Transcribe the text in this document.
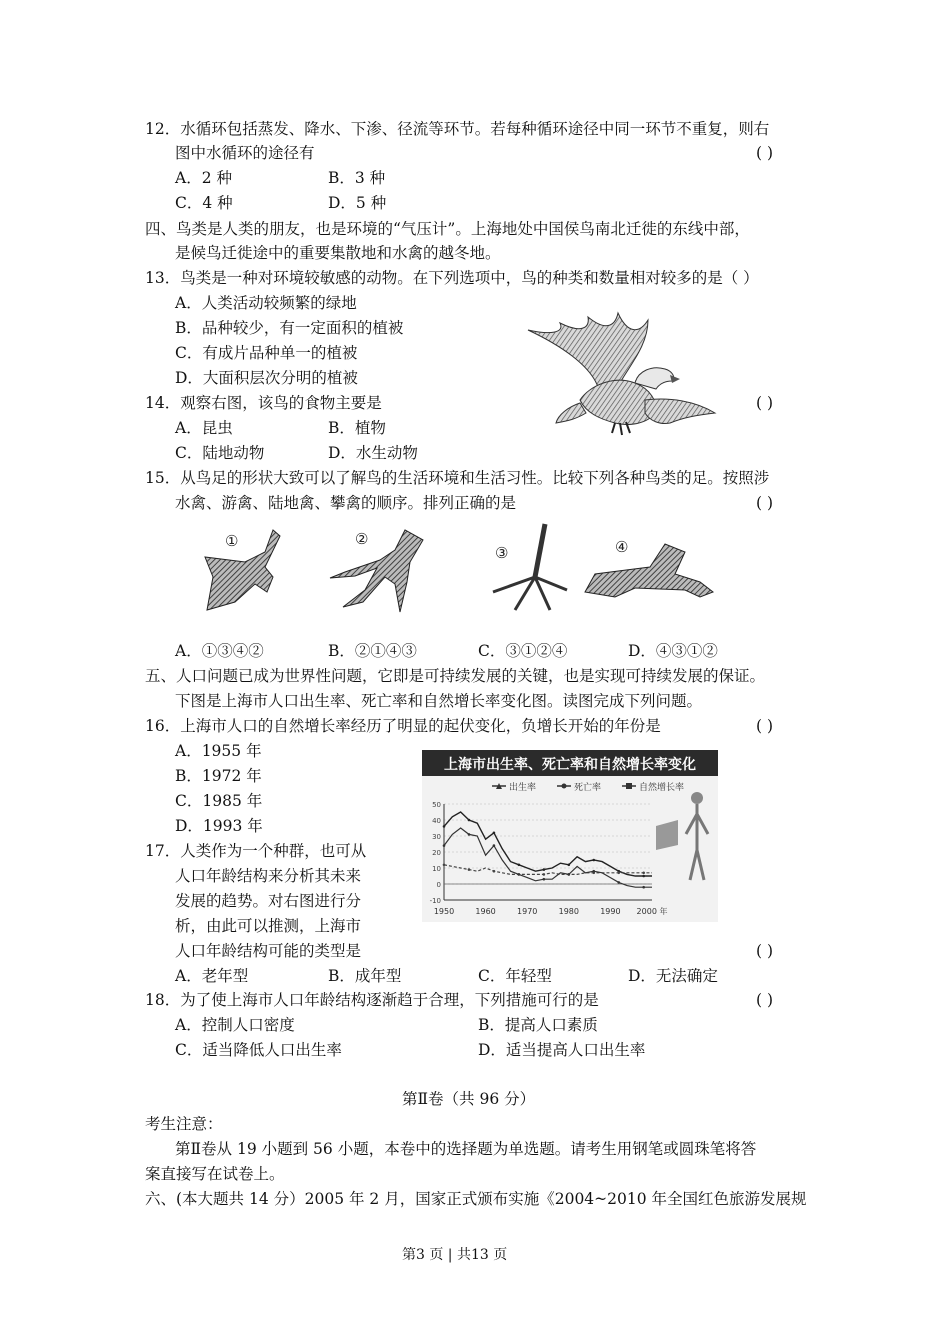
12．水循环包括蒸发、降水、下渗、径流等环节。若每种循环途径中同一环节不重复，则右
图中水循环的途径有	( )
A．2 种	B．3 种
C．4 种	D．5 种
四、鸟类是人类的朋友，也是环境的“气压计”。上海地处中国侯鸟南北迁徙的东线中部，
是候鸟迁徙途中的重要集散地和水禽的越冬地。
13．鸟类是一种对环境较敏感的动物。在下列选项中，鸟的种类和数量相对较多的是（ ）
A．人类活动较频繁的绿地
B．品种较少，有一定面积的植被
C．有成片品种单一的植被
D．大面积层次分明的植被
14．观察右图，该鸟的食物主要是	( )
A．昆虫	B．植物
C．陆地动物	D．水生动物
15．从鸟足的形状大致可以了解鸟的生活环境和生活习性。比较下列各种鸟类的足。按照涉
水禽、游禽、陆地禽、攀禽的顺序。排列正确的是	( )
①	②
③	④
A．①③④②	B．②①④③	C．③①②④	D．④③①②
五、人口问题已成为世界性问题，它即是可持续发展的关键，也是实现可持续发展的保证。
下图是上海市人口出生率、死亡率和自然增长率变化图。读图完成下列问题。
16．上海市人口的自然增长率经历了明显的起伏变化，负增长开始的年份是	( )
A．1955 年
B．1972 年
C．1985 年
D．1993 年
上海市出生率、死亡率和自然增长率变化
出生率	死亡率	自然增长率
50
40
30
20
10
0
-10
1950	1960	1970	1980	1990 2000 年
17．人类作为一个种群，也可从
人口年龄结构来分析其未来
发展的趋势。对右图进行分
析，由此可以推测，上海市
人口年龄结构可能的类型是	( )
A．老年型	B．成年型	C．年轻型	D．无法确定
18．为了使上海市人口年龄结构逐渐趋于合理，下列措施可行的是	( )
A．控制人口密度	B．提高人口素质
C．适当降低人口出生率	D．适当提高人口出生率
第Ⅱ卷（共 96 分）
考生注意：
第Ⅱ卷从 19 小题到 56 小题，本卷中的选择题为单选题。请考生用钢笔或圆珠笔将答
案直接写在试卷上。
六、(本大题共 14 分）2005 年 2 月，国家正式颁布实施《2004~2010 年全国红色旅游发展规
第3 页 | 共13 页
